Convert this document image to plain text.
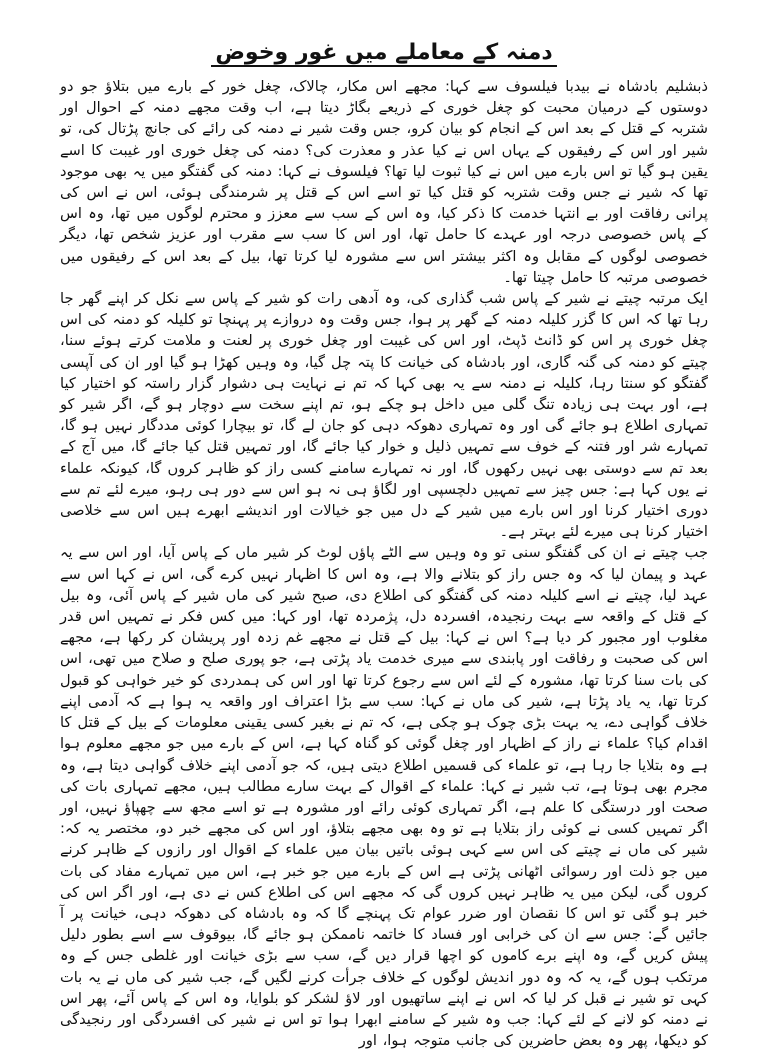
دمنہ کے معاملے میں غور وخوض

ذبشلیم بادشاہ نے بیدبا فیلسوف سے کہا: مجھے اس مکار، چالاک، چغل خور کے بارے میں بتلاؤ جو دو دوستوں کے درمیان محبت کو چغل خوری کے ذریعے بگاڑ دیتا ہے، اب وقت مجھے دمنہ کے احوال اور شتربہ کے قتل کے بعد اس کے انجام کو بیان کرو، جس وقت شیر نے دمنہ کی رائے کی جانچ پڑتال کی، تو شیر اور اس کے رفیقوں کے یہاں اس نے کیا عذر و معذرت کی؟ دمنہ کی چغل خوری اور غیبت کا اسے یقین ہو گیا تو اس بارے میں اس نے کیا ثبوت لیا تھا؟ فیلسوف نے کہا: دمنہ کی گفتگو میں یہ بھی موجود تھا کہ شیر نے جس وقت شتربہ کو قتل کیا تو اسے اس کے قتل پر شرمندگی ہوئی، اس نے اس کی پرانی رفاقت اور بے انتہا خدمت کا ذکر کیا، وہ اس کے سب سے معزز و محترم لوگوں میں تھا، وہ اس کے پاس خصوصی درجہ اور عہدے کا حامل تھا، اور اس کا سب سے مقرب اور عزیز شخص تھا، دیگر خصوصی لوگوں کے مقابل وہ اکثر بیشتر اس سے مشورہ لیا کرتا تھا، بیل کے بعد اس کے رفیقوں میں خصوصی مرتبہ کا حامل چیتا تھا۔

ایک مرتبہ چیتے نے شیر کے پاس شب گذاری کی، وہ آدھی رات کو شیر کے پاس سے نکل کر اپنے گھر جا رہا تھا کہ اس کا گزر کلیلہ دمنہ کے گھر پر ہوا، جس وقت وہ دروازے پر پہنچا تو کلیلہ کو دمنہ کی اس چغل خوری پر اس کو ڈانٹ ڈپٹ، اور اس کی غیبت اور چغل خوری پر لعنت و ملامت کرتے ہوئے سنا، چیتے کو دمنہ کی گنہ گاری، اور بادشاہ کی خیانت کا پتہ چل گیا، وہ وہیں کھڑا ہو گیا اور ان کی آپسی گفتگو کو سنتا رہا، کلیلہ نے دمنہ سے یہ بھی کہا کہ تم نے نہایت ہی دشوار گزار راستہ کو اختیار کیا ہے، اور بہت ہی زیادہ تنگ گلی میں داخل ہو چکے ہو، تم اپنے سخت سے دوچار ہو گے، اگر شیر کو تمہاری اطلاع ہو جائے گی اور وہ تمہاری دھوکہ دہی کو جان لے گا، تو بیچارا کوئی مددگار نہیں ہو گا، تمہارے شر اور فتنہ کے خوف سے تمہیں ذلیل و خوار کیا جائے گا، اور تمہیں قتل کیا جائے گا، میں آج کے بعد تم سے دوستی بھی نہیں رکھوں گا، اور نہ تمہارے سامنے کسی راز کو ظاہر کروں گا، کیونکہ علماء نے یوں کہا ہے: جس چیز سے تمہیں دلچسپی اور لگاؤ ہی نہ ہو اس سے دور ہی رہو، میرے لئے تم سے دوری اختیار کرنا اور اس بارے میں شیر کے دل میں جو خیالات اور اندیشے ابھرے ہیں اس سے خلاصی اختیار کرنا ہی میرے لئے بہتر ہے۔

جب چیتے نے ان کی گفتگو سنی تو وہ وہیں سے الٹے پاؤں لوٹ کر شیر ماں کے پاس آیا، اور اس سے یہ عہد و پیمان لیا کہ وہ جس راز کو بتلانے والا ہے، وہ اس کا اظہار نہیں کرے گی، اس نے کہا اس سے عہد لیا، چیتے نے اسے کلیلہ دمنہ کی گفتگو کی اطلاع دی، صبح شیر کی ماں شیر کے پاس آئی، وہ بیل کے قتل کے واقعہ سے بہت رنجیدہ، افسردہ دل، پژمردہ تھا، اور کہا: میں کس فکر نے تمہیں اس قدر مغلوب اور مجبور کر دیا ہے؟ اس نے کہا: بیل کے قتل نے مجھے غم زدہ اور پریشان کر رکھا ہے، مجھے اس کی صحبت و رفاقت اور پابندی سے میری خدمت یاد پڑتی ہے، جو پوری صلح و صلاح میں تھی، اس کی بات سنا کرتا تھا، مشورہ کے لئے اس سے رجوع کرتا تھا اور اس کی ہمدردی کو خیر خواہی کو قبول کرتا تھا، یہ یاد پڑتا ہے، شیر کی ماں نے کہا: سب سے بڑا اعتراف اور واقعہ یہ ہوا ہے کہ آدمی اپنے خلاف گواہی دے، یہ بہت بڑی چوک ہو چکی ہے، کہ تم نے بغیر کسی یقینی معلومات کے بیل کے قتل کا اقدام کیا؟ علماء نے راز کے اظہار اور چغل گوئی کو گناہ کہا ہے، اس کے بارے میں جو مجھے معلوم ہوا ہے وہ بتلایا جا رہا ہے، تو علماء کی قسمیں اطلاع دیتی ہیں، کہ جو آدمی اپنے خلاف گواہی دیتا ہے، وہ مجرم بھی ہوتا ہے، تب شیر نے کہا: علماء کے اقوال کے بہت سارے مطالب ہیں، مجھے تمہاری بات کی صحت اور درستگی کا علم ہے، اگر تمہاری کوئی رائے اور مشورہ ہے تو اسے مجھ سے چھپاؤ نہیں، اور اگر تمہیں کسی نے کوئی راز بتلایا ہے تو وہ بھی مجھے بتلاؤ، اور اس کی مجھے خبر دو، مختصر یہ کہ: شیر کی ماں نے چیتے کی اس سے کہی ہوئی باتیں بیان میں علماء کے اقوال اور رازوں کے ظاہر کرنے میں جو ذلت اور رسوائی اٹھانی پڑتی ہے اس کے بارے میں جو خبر ہے، اس میں تمہارے مفاد کی بات کروں گی، لیکن میں یہ ظاہر نہیں کروں گی کہ مجھے اس کی اطلاع کس نے دی ہے، اور اگر اس کی خبر ہو گئی تو اس کا نقصان اور ضرر عوام تک پہنچے گا کہ وہ بادشاہ کی دھوکہ دہی، خیانت پر آ جائیں گے: جس سے ان کی خرابی اور فساد کا خاتمہ ناممکن ہو جائے گا، بیوقوف سے اسے بطور دلیل پیش کریں گے، وہ اپنے برے کاموں کو اچھا قرار دیں گے، سب سے بڑی خیانت اور غلطی جس کے وہ مرتکب ہوں گے، یہ کہ وہ دور اندیش لوگوں کے خلاف جرأت کرنے لگیں گے، جب شیر کی ماں نے یہ بات کہی تو شیر نے قبل کر لیا کہ اس نے اپنے ساتھیوں اور لاؤ لشکر کو بلوایا، وہ اس کے پاس آئے، پھر اس نے دمنہ کو لانے کے لئے کہا: جب وہ شیر کے سامنے ابھرا ہوا تو اس نے شیر کی افسردگی اور رنجیدگی کو دیکھا، پھر وہ بعض حاضرین کی جانب متوجہ ہوا، اور
